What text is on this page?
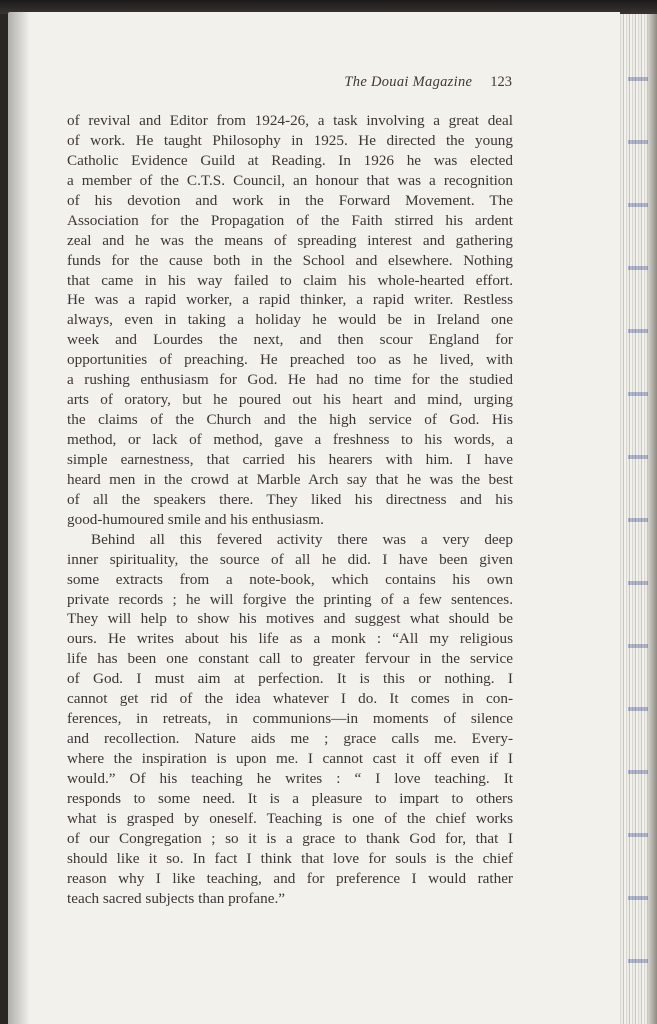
The Douai Magazine 123
of revival and Editor from 1924-26, a task involving a great deal
of work. He taught Philosophy in 1925. He directed the young
Catholic Evidence Guild at Reading. In 1926 he was elected
a member of the C.T.S. Council, an honour that was a recognition
of his devotion and work in the Forward Movement. The
Association for the Propagation of the Faith stirred his ardent
zeal and he was the means of spreading interest and gathering
funds for the cause both in the School and elsewhere. Nothing
that came in his way failed to claim his whole-hearted effort.
He was a rapid worker, a rapid thinker, a rapid writer. Restless
always, even in taking a holiday he would be in Ireland one
week and Lourdes the next, and then scour England for
opportunities of preaching. He preached too as he lived, with
a rushing enthusiasm for God. He had no time for the studied
arts of oratory, but he poured out his heart and mind, urging
the claims of the Church and the high service of God. His
method, or lack of method, gave a freshness to his words, a
simple earnestness, that carried his hearers with him. I have
heard men in the crowd at Marble Arch say that he was the best
of all the speakers there. They liked his directness and his
good-humoured smile and his enthusiasm.
Behind all this fevered activity there was a very deep
inner spirituality, the source of all he did. I have been given
some extracts from a note-book, which contains his own
private records ; he will forgive the printing of a few sentences.
They will help to show his motives and suggest what should be
ours. He writes about his life as a monk : “All my religious
life has been one constant call to greater fervour in the service
of God. I must aim at perfection. It is this or nothing. I
cannot get rid of the idea whatever I do. It comes in con-
ferences, in retreats, in communions—in moments of silence
and recollection. Nature aids me ; grace calls me. Every-
where the inspiration is upon me. I cannot cast it off even if I
would.” Of his teaching he writes : “ I love teaching. It
responds to some need. It is a pleasure to impart to others
what is grasped by oneself. Teaching is one of the chief works
of our Congregation ; so it is a grace to thank God for, that I
should like it so. In fact I think that love for souls is the chief
reason why I like teaching, and for preference I would rather
teach sacred subjects than profane.”
